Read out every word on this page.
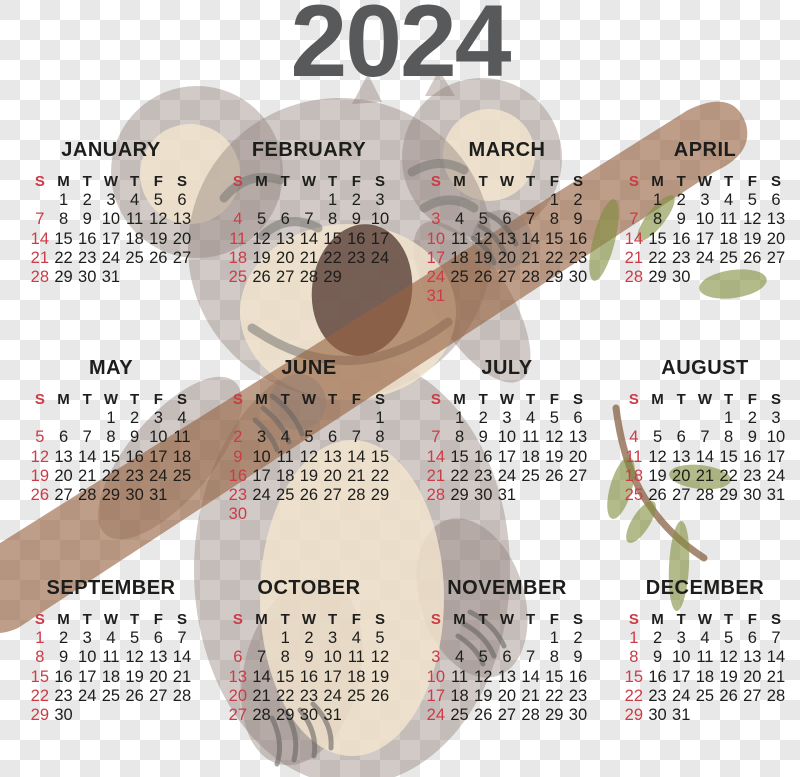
2024
JANUARY
S M T W T F S
1 2 3 4 5 6
7 8 9 10 11 12 13
14 15 16 17 18 19 20
21 22 23 24 25 26 27
28 29 30 31
FEBRUARY
S M T W T F S
1 2 3
4 5 6 7 8 9 10
11 12 13 14 15 16 17
18 19 20 21 22 23 24
25 26 27 28 29
MARCH
S M T W T F S
1 2
3 4 5 6 7 8 9
10 11 12 13 14 15 16
17 18 19 20 21 22 23
24 25 26 27 28 29 30
31
APRIL
S M T W T F S
1 2 3 4 5 6
7 8 9 10 11 12 13
14 15 16 17 18 19 20
21 22 23 24 25 26 27
28 29 30
MAY
S M T W T F S
1 2 3 4
5 6 7 8 9 10 11
12 13 14 15 16 17 18
19 20 21 22 23 24 25
26 27 28 29 30 31
JUNE
S M T W T F S
1
2 3 4 5 6 7 8
9 10 11 12 13 14 15
16 17 18 19 20 21 22
23 24 25 26 27 28 29
30
JULY
S M T W T F S
1 2 3 4 5 6
7 8 9 10 11 12 13
14 15 16 17 18 19 20
21 22 23 24 25 26 27
28 29 30 31
AUGUST
S M T W T F S
1 2 3
4 5 6 7 8 9 10
11 12 13 14 15 16 17
18 19 20 21 22 23 24
25 26 27 28 29 30 31
SEPTEMBER
S M T W T F S
1 2 3 4 5 6 7
8 9 10 11 12 13 14
15 16 17 18 19 20 21
22 23 24 25 26 27 28
29 30
OCTOBER
S M T W T F S
1 2 3 4 5
6 7 8 9 10 11 12
13 14 15 16 17 18 19
20 21 22 23 24 25 26
27 28 29 30 31
NOVEMBER
S M T W T F S
1 2
3 4 5 6 7 8 9
10 11 12 13 14 15 16
17 18 19 20 21 22 23
24 25 26 27 28 29 30
DECEMBER
S M T W T F S
1 2 3 4 5 6 7
8 9 10 11 12 13 14
15 16 17 18 19 20 21
22 23 24 25 26 27 28
29 30 31
